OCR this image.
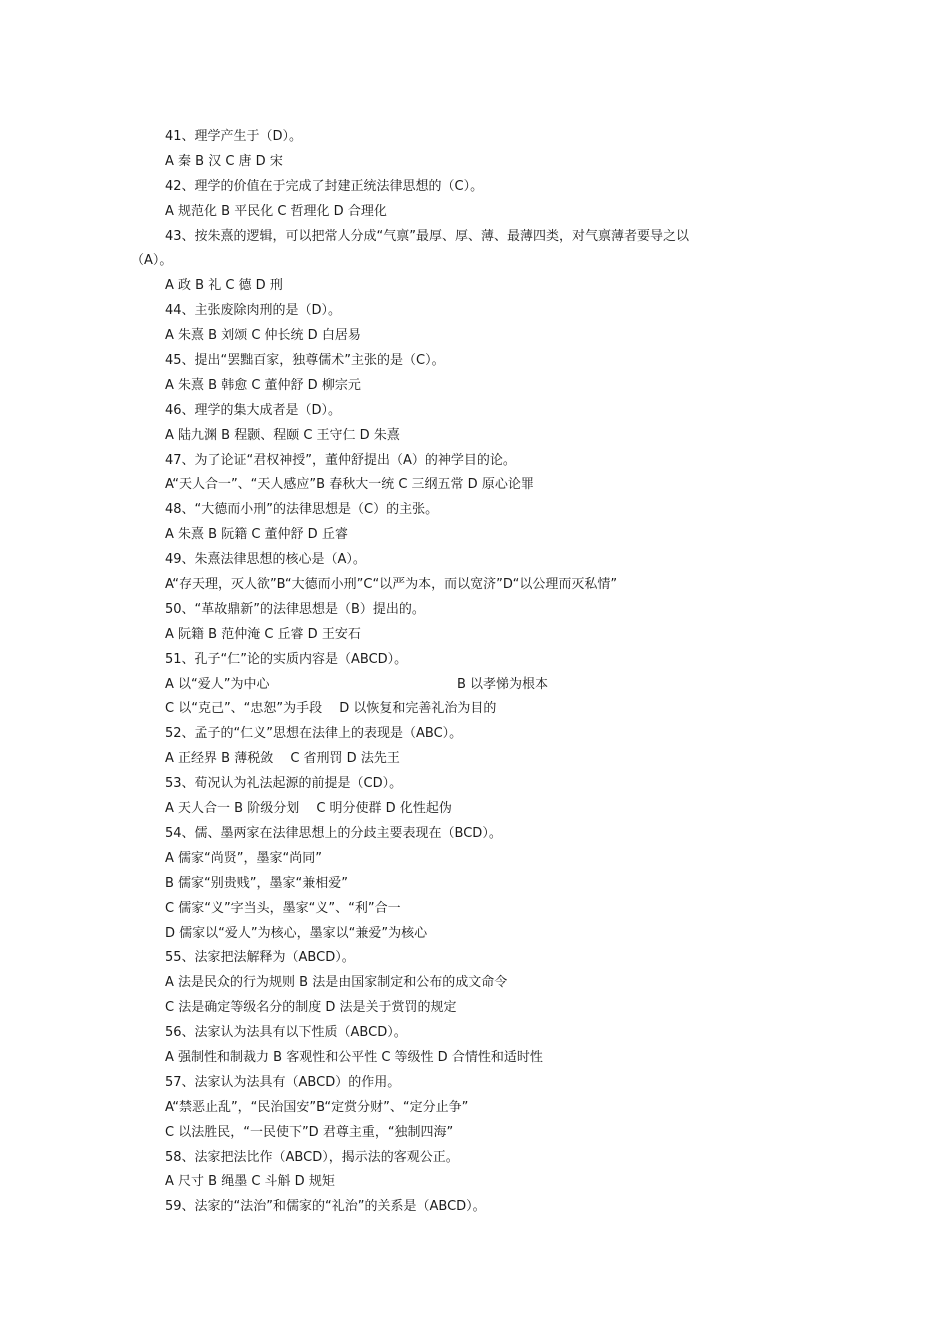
41、理学产生于（D）。
A 秦 B 汉 C 唐 D 宋
42、理学的价值在于完成了封建正统法律思想的（C）。
A 规范化 B 平民化 C 哲理化 D 合理化
43、按朱熹的逻辑，可以把常人分成“气禀”最厚、厚、薄、最薄四类，对气禀薄者要导之以
（A）。
A 政 B 礼 C 德 D 刑
44、主张废除肉刑的是（D）。
A 朱熹 B 刘颂 C 仲长统 D 白居易
45、提出“罢黜百家，独尊儒术”主张的是（C）。
A 朱熹 B 韩愈 C 董仲舒 D 柳宗元
46、理学的集大成者是（D）。
A 陆九渊 B 程颢、程颐 C 王守仁 D 朱熹
47、为了论证“君权神授”，董仲舒提出（A）的神学目的论。
A“天人合一”、“天人感应”B 春秋大一统 C 三纲五常 D 原心论罪
48、“大德而小刑”的法律思想是（C）的主张。
A 朱熹 B 阮籍 C 董仲舒 D 丘睿
49、朱熹法律思想的核心是（A）。
A“存天理，灭人欲”B“大德而小刑”C“以严为本，而以宽济”D“以公理而灭私情”
50、“革故鼎新”的法律思想是（B）提出的。
A 阮籍 B 范仲淹 C 丘睿 D 王安石
51、孔子“仁”论的实质内容是（ABCD）。
A 以“爱人”为中心	B 以孝悌为根本
C 以“克己”、“忠恕”为手段　 D 以恢复和完善礼治为目的
52、孟子的“仁义”思想在法律上的表现是（ABC）。
A 正经界 B 薄税敛　 C 省刑罚 D 法先王
53、荀况认为礼法起源的前提是（CD）。
A 天人合一 B 阶级分划　 C 明分使群 D 化性起伪
54、儒、墨两家在法律思想上的分歧主要表现在（BCD）。
A 儒家“尚贤”，墨家“尚同”
B 儒家“别贵贱”，墨家“兼相爱”
C 儒家“义”字当头，墨家“义”、“利”合一
D 儒家以“爱人”为核心，墨家以“兼爱”为核心
55、法家把法解释为（ABCD）。
A 法是民众的行为规则 B 法是由国家制定和公布的成文命令
C 法是确定等级名分的制度 D 法是关于赏罚的规定
56、法家认为法具有以下性质（ABCD）。
A 强制性和制裁力 B 客观性和公平性 C 等级性 D 合情性和适时性
57、法家认为法具有（ABCD）的作用。
A“禁恶止乱”，“民治国安”B“定赏分财”、“定分止争”
C 以法胜民，“一民使下”D 君尊主重，“独制四海”
58、法家把法比作（ABCD），揭示法的客观公正。
A 尺寸 B 绳墨 C 斗斛 D 规矩
59、法家的“法治”和儒家的“礼治”的关系是（ABCD）。
